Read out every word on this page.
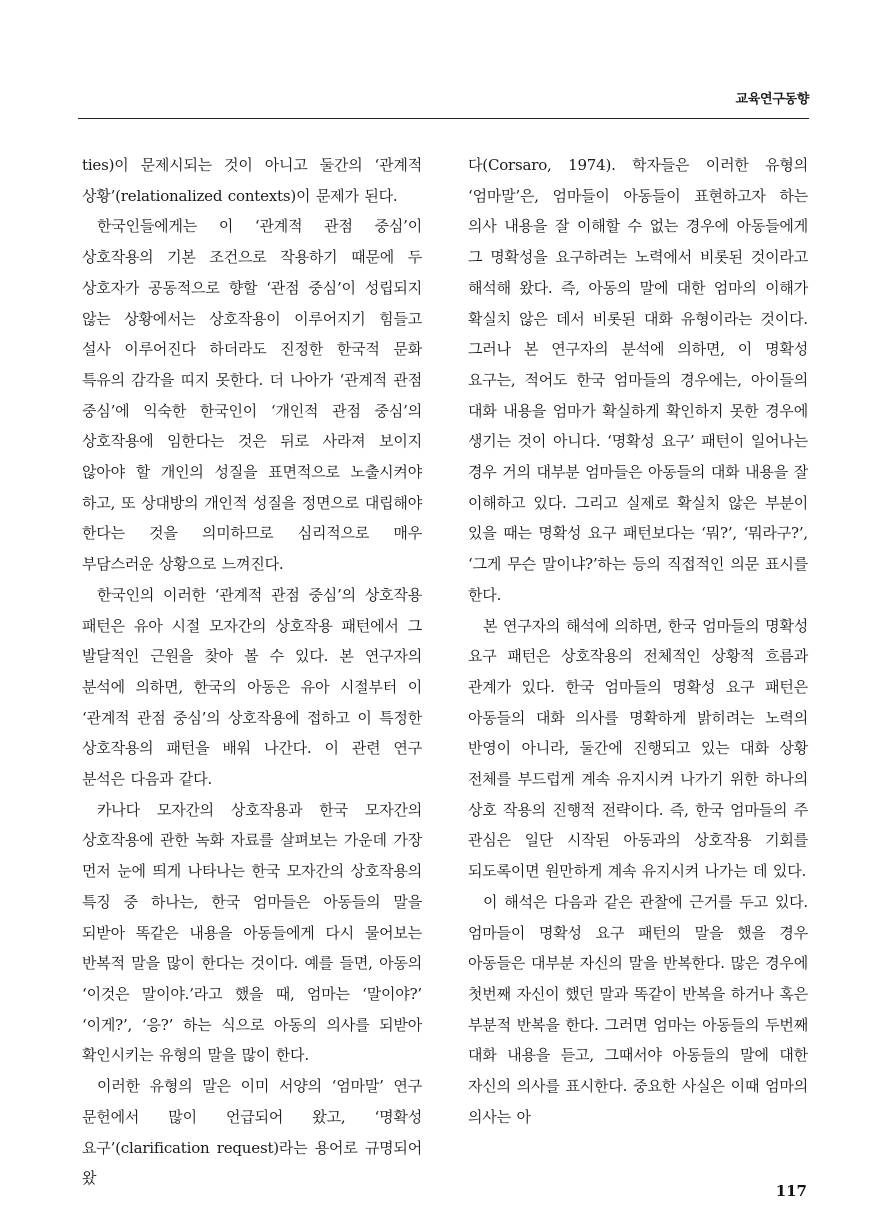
교육연구동향

ties)이 문제시되는 것이 아니고 둘간의 ‘관계적 상황’(relationalized contexts)이 문제가 된다.

한국인들에게는 이 ‘관계적 관점 중심’이 상호작용의 기본 조건으로 작용하기 때문에 두 상호자가 공동적으로 향할 ‘관점 중심’이 성립되지 않는 상황에서는 상호작용이 이루어지기 힘들고 설사 이루어진다 하더라도 진정한 한국적 문화 특유의 감각을 띠지 못한다. 더 나아가 ‘관계적 관점 중심’에 익숙한 한국인이 ‘개인적 관점 중심’의 상호작용에 임한다는 것은 뒤로 사라져 보이지 않아야 할 개인의 성질을 표면적으로 노출시켜야 하고, 또 상대방의 개인적 성질을 정면으로 대립해야 한다는 것을 의미하므로 심리적으로 매우 부담스러운 상황으로 느껴진다.

한국인의 이러한 ‘관계적 관점 중심’의 상호작용 패턴은 유아 시절 모자간의 상호작용 패턴에서 그 발달적인 근원을 찾아 볼 수 있다. 본 연구자의 분석에 의하면, 한국의 아동은 유아 시절부터 이 ‘관계적 관점 중심’의 상호작용에 접하고 이 특정한 상호작용의 패턴을 배워 나간다. 이 관련 연구 분석은 다음과 같다.

카나다 모자간의 상호작용과 한국 모자간의 상호작용에 관한 녹화 자료를 살펴보는 가운데 가장 먼저 눈에 띄게 나타나는 한국 모자간의 상호작용의 특징 중 하나는, 한국 엄마들은 아동들의 말을 되받아 똑같은 내용을 아동들에게 다시 물어보는 반복적 말을 많이 한다는 것이다. 예를 들면, 아동의 ‘이것은 말이야.’라고 했을 때, 엄마는 ‘말이야?’ ‘이게?’, ‘응?’ 하는 식으로 아동의 의사를 되받아 확인시키는 유형의 말을 많이 한다.

이러한 유형의 말은 이미 서양의 ‘엄마말’ 연구 문헌에서 많이 언급되어 왔고, ‘명확성 요구’(clarification request)라는 용어로 규명되어 왔

다(Corsaro, 1974). 학자들은 이러한 유형의 ‘엄마말’은, 엄마들이 아동들이 표현하고자 하는 의사 내용을 잘 이해할 수 없는 경우에 아동들에게 그 명확성을 요구하려는 노력에서 비롯된 것이라고 해석해 왔다. 즉, 아동의 말에 대한 엄마의 이해가 확실치 않은 데서 비롯된 대화 유형이라는 것이다. 그러나 본 연구자의 분석에 의하면, 이 명확성 요구는, 적어도 한국 엄마들의 경우에는, 아이들의 대화 내용을 엄마가 확실하게 확인하지 못한 경우에 생기는 것이 아니다. ‘명확성 요구’ 패턴이 일어나는 경우 거의 대부분 엄마들은 아동들의 대화 내용을 잘 이해하고 있다. 그리고 실제로 확실치 않은 부분이 있을 때는 명확성 요구 패턴보다는 ‘뭐?’, ‘뭐라구?’, ‘그게 무슨 말이냐?’하는 등의 직접적인 의문 표시를 한다.

본 연구자의 해석에 의하면, 한국 엄마들의 명확성 요구 패턴은 상호작용의 전체적인 상황적 흐름과 관계가 있다. 한국 엄마들의 명확성 요구 패턴은 아동들의 대화 의사를 명확하게 밝히려는 노력의 반영이 아니라, 둘간에 진행되고 있는 대화 상황 전체를 부드럽게 계속 유지시켜 나가기 위한 하나의 상호 작용의 진행적 전략이다. 즉, 한국 엄마들의 주 관심은 일단 시작된 아동과의 상호작용 기회를 되도록이면 원만하게 계속 유지시켜 나가는 데 있다.

이 해석은 다음과 같은 관찰에 근거를 두고 있다. 엄마들이 명확성 요구 패턴의 말을 했을 경우 아동들은 대부분 자신의 말을 반복한다. 많은 경우에 첫번째 자신이 했던 말과 똑같이 반복을 하거나 혹은 부분적 반복을 한다. 그러면 엄마는 아동들의 두번째 대화 내용을 듣고, 그때서야 아동들의 말에 대한 자신의 의사를 표시한다. 중요한 사실은 이때 엄마의 의사는 아

117
